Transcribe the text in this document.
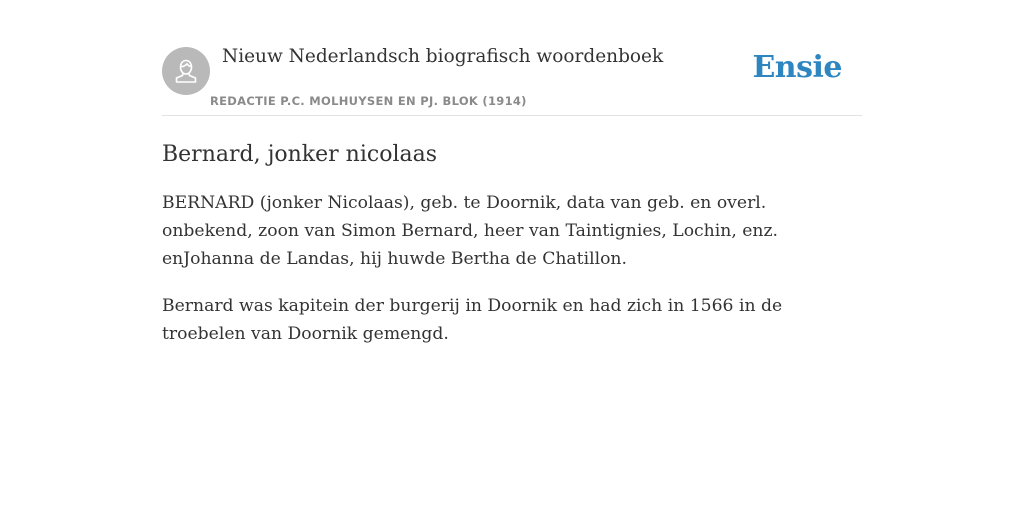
Nieuw Nederlandsch biografisch woordenboek
REDACTIE P.C. MOLHUYSEN EN PJ. BLOK (1914)
Ensie
Bernard, jonker nicolaas

BERNARD (jonker Nicolaas), geb. te Doornik, data van geb. en overl. onbekend, zoon van Simon Bernard, heer van Taintignies, Lochin, enz. enJohanna de Landas, hij huwde Bertha de Chatillon.

Bernard was kapitein der burgerij in Doornik en had zich in 1566 in de troebelen van Doornik gemengd.
